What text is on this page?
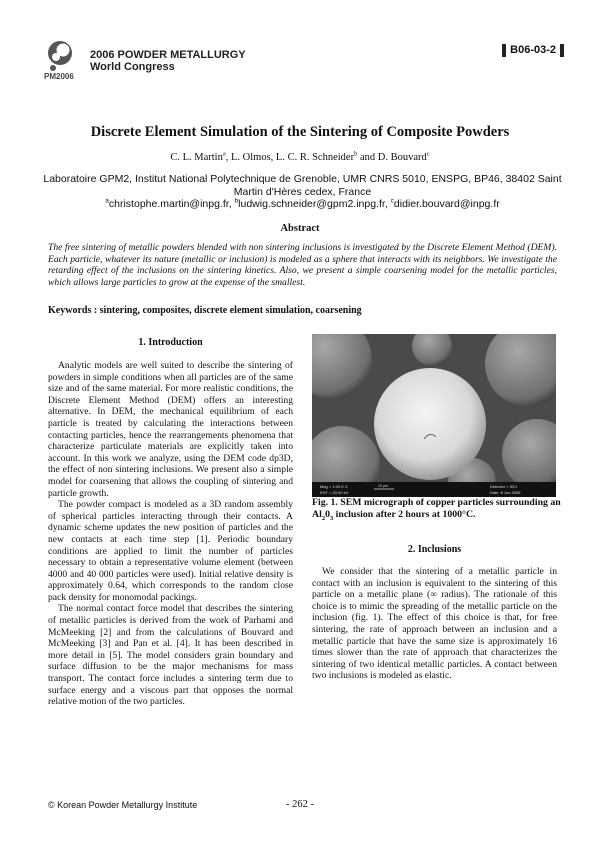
PM2006
2006 POWDER METALLURGY
World Congress
B06-03-2
Discrete Element Simulation of the Sintering of Composite Powders
C. L. Martin$^a$, L. Olmos, L. C. R. Schneider$^b$ and D. Bouvard$^c$
Laboratoire GPM2, Institut National Polytechnique de Grenoble, UMR CNRS 5010, ENSPG, BP46, 38402 Saint
Martin d'Hères cedex, France
$^a$christophe.martin@inpg.fr, $^b$ludwig.schneider@gpm2.inpg.fr, $^c$didier.bouvard@inpg.fr
Abstract
The free sintering of metallic powders blended with non sintering inclusions is investigated by the Discrete Element Method (DEM). Each particle, whatever its nature (metallic or inclusion) is modeled as a sphere that interacts with its neighbors. We investigate the retarding effect of the inclusions on the sintering kinetics. Also, we present a simple coarsening model for the metallic particles, which allows large particles to grow at the expense of the smallest.
Keywords : sintering, composites, discrete element simulation, coarsening
1. Introduction

Analytic models are well suited to describe the sintering of powders in simple conditions when all particles are of the same size and of the same material. For more realistic conditions, the Discrete Element Method (DEM) offers an interesting alternative. In DEM, the mechanical equilibrium of each particle is treated by calculating the interactions between contacting particles, hence the rearrangements phenomena that characterize particulate materials are explicitly taken into account. In this work we analyze, using the DEM code dp3D, the effect of non sintering inclusions. We present also a simple model for coarsening that allows the coupling of sintering and particle growth.

The powder compact is modeled as a 3D random assembly of spherical particles interacting through their contacts. A dynamic scheme updates the new position of particles and the new contacts at each time step [1]. Periodic boundary conditions are applied to limit the number of particles necessary to obtain a representative volume element (between 4000 and 40 000 particles were used). Initial relative density is approximately 0.64, which corresponds to the random close pack density for monomodal packings.

The normal contact force model that describes the sintering of metallic particles is derived from the work of Parhami and McMeeking [2] and from the calculations of Bouvard and McMeeking [3] and Pan et al. [4]. It has been described in more detail in [5]. The model considers grain boundary and surface diffusion to be the major mechanisms for mass transport. The contact force includes a sintering term due to surface energy and a viscous part that opposes the normal relative motion of the two particles.

Mag = 1.00 K X
EHT = 20.00 kV
10 μm	Detector = SE1
Date :6 Jun 2006
Fig. 1. SEM micrograph of copper particles surrounding an $Al_20_3$ inclusion after 2 hours at 1000°C.
2. Inclusions

We consider that the sintering of a metallic particle in contact with an inclusion is equivalent to the sintering of this particle on a metallic plane (∞ radius). The rationale of this choice is to mimic the spreading of the metallic particle on the inclusion (fig. 1). The effect of this choice is that, for free sintering, the rate of approach between an inclusion and a metallic particle that have the same size is approximately 16 times slower than the rate of approach that characterizes the sintering of two identical metallic particles. A contact between two inclusions is modeled as elastic.

© Korean Powder Metallurgy Institute	- 262 -
